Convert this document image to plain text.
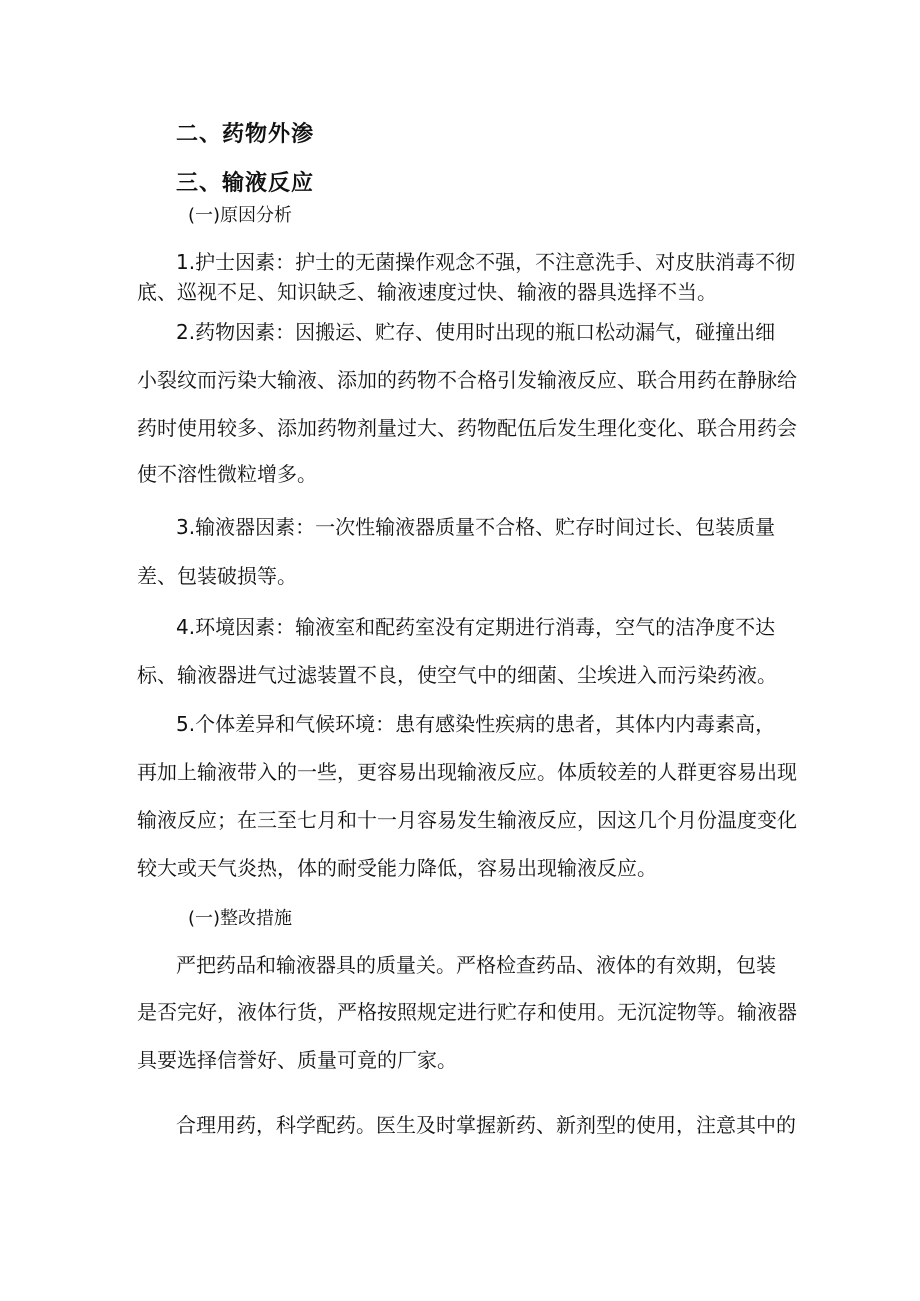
二、药物外渗

三、输液反应

(一)原因分析

1.护士因素：护士的无菌操作观念不强，不注意洗手、对皮肤消毒不彻

底、巡视不足、知识缺乏、输液速度过快、输液的器具选择不当。

2.药物因素：因搬运、贮存、使用时出现的瓶口松动漏气，碰撞出细

小裂纹而污染大输液、添加的药物不合格引发输液反应、联合用药在静脉给

药时使用较多、添加药物剂量过大、药物配伍后发生理化变化、联合用药会

使不溶性微粒增多。

3.输液器因素：一次性输液器质量不合格、贮存时间过长、包装质量

差、包装破损等。

4.环境因素：输液室和配药室没有定期进行消毒，空气的洁净度不达

标、输液器进气过滤装置不良，使空气中的细菌、尘埃进入而污染药液。

5.个体差异和气候环境：患有感染性疾病的患者，其体内内毒素高，

再加上输液带入的一些，更容易出现输液反应。体质较差的人群更容易出现

输液反应；在三至七月和十一月容易发生输液反应，因这几个月份温度变化

较大或天气炎热，体的耐受能力降低，容易出现输液反应。

(一)整改措施

严把药品和输液器具的质量关。严格检查药品、液体的有效期，包装

是否完好，液体行货，严格按照规定进行贮存和使用。无沉淀物等。输液器

具要选择信誉好、质量可竟的厂家。

合理用药，科学配药。医生及时掌握新药、新剂型的使用，注意其中的
